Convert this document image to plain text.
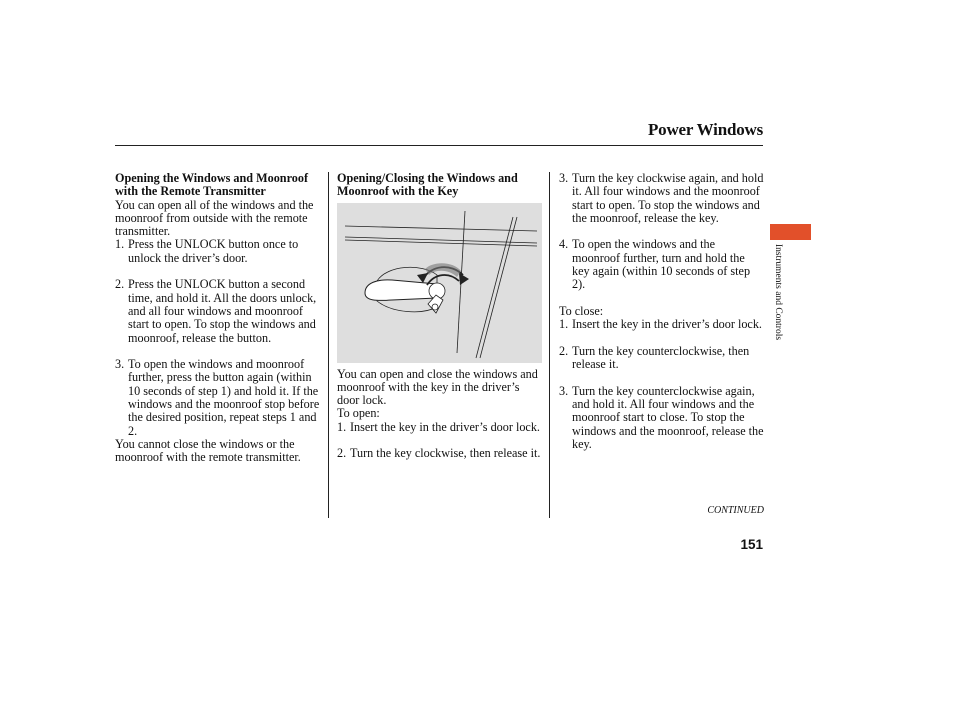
Power Windows

Opening the Windows and Moonroof with the Remote Transmitter

You can open all of the windows and the moonroof from outside with the remote transmitter.

1. Press the UNLOCK button once to unlock the driver’s door.
2. Press the UNLOCK button a second time, and hold it. All the doors unlock, and all four windows and moonroof start to open. To stop the windows and moonroof, release the button.
3. To open the windows and moonroof further, press the button again (within 10 seconds of step 1) and hold it. If the windows and the moonroof stop before the desired position, repeat steps 1 and 2.

You cannot close the windows or the moonroof with the remote transmitter.

Opening/Closing the Windows and Moonroof with the Key

You can open and close the windows and moonroof with the key in the driver’s door lock.

To open:

1. Insert the key in the driver’s door lock.
2. Turn the key clockwise, then release it.
3. Turn the key clockwise again, and hold it. All four windows and the moonroof start to open. To stop the windows and the moonroof, release the key.
4. To open the windows and the moonroof further, turn and hold the key again (within 10 seconds of step 2).

To close:

1. Insert the key in the driver’s door lock.
2. Turn the key counterclockwise, then release it.
3. Turn the key counterclockwise again, and hold it. All four windows and the moonroof start to close. To stop the windows and the moonroof, release the key.
Instruments and Controls
CONTINUED
151
